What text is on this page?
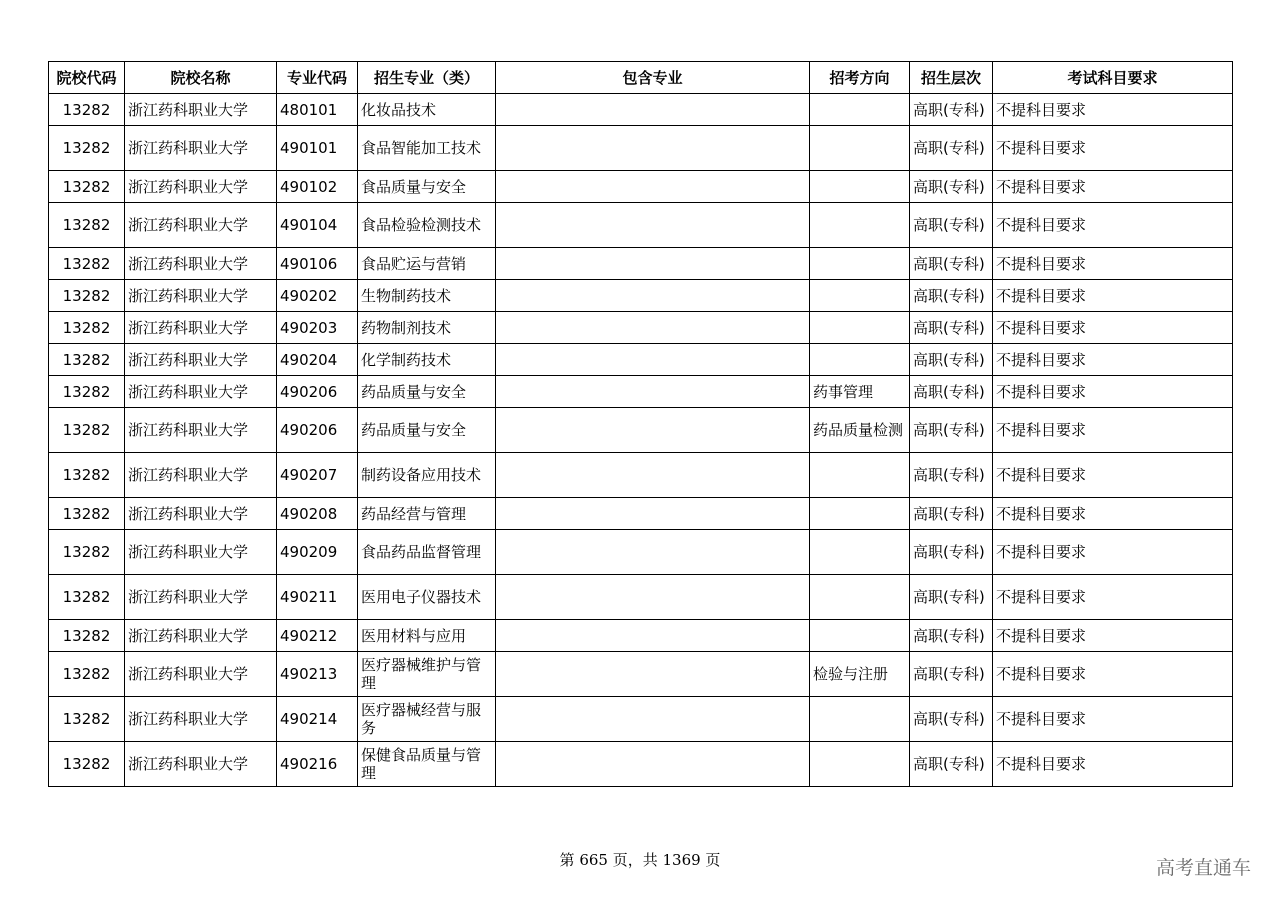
院校代码	院校名称	专业代码	招生专业（类）	包含专业	招考方向	招生层次	考试科目要求
13282	浙江药科职业大学	480101	化妆品技术			高职(专科)	不提科目要求
13282	浙江药科职业大学	490101	食品智能加工技术			高职(专科)	不提科目要求
13282	浙江药科职业大学	490102	食品质量与安全			高职(专科)	不提科目要求
13282	浙江药科职业大学	490104	食品检验检测技术			高职(专科)	不提科目要求
13282	浙江药科职业大学	490106	食品贮运与营销			高职(专科)	不提科目要求
13282	浙江药科职业大学	490202	生物制药技术			高职(专科)	不提科目要求
13282	浙江药科职业大学	490203	药物制剂技术			高职(专科)	不提科目要求
13282	浙江药科职业大学	490204	化学制药技术			高职(专科)	不提科目要求
13282	浙江药科职业大学	490206	药品质量与安全		药事管理	高职(专科)	不提科目要求
13282	浙江药科职业大学	490206	药品质量与安全		药品质量检测	高职(专科)	不提科目要求
13282	浙江药科职业大学	490207	制药设备应用技术			高职(专科)	不提科目要求
13282	浙江药科职业大学	490208	药品经营与管理			高职(专科)	不提科目要求
13282	浙江药科职业大学	490209	食品药品监督管理			高职(专科)	不提科目要求
13282	浙江药科职业大学	490211	医用电子仪器技术			高职(专科)	不提科目要求
13282	浙江药科职业大学	490212	医用材料与应用			高职(专科)	不提科目要求
13282	浙江药科职业大学	490213	医疗器械维护与管理		检验与注册	高职(专科)	不提科目要求
13282	浙江药科职业大学	490214	医疗器械经营与服务			高职(专科)	不提科目要求
13282	浙江药科职业大学	490216	保健食品质量与管理			高职(专科)	不提科目要求
第 665 页，共 1369 页	高考直通车
